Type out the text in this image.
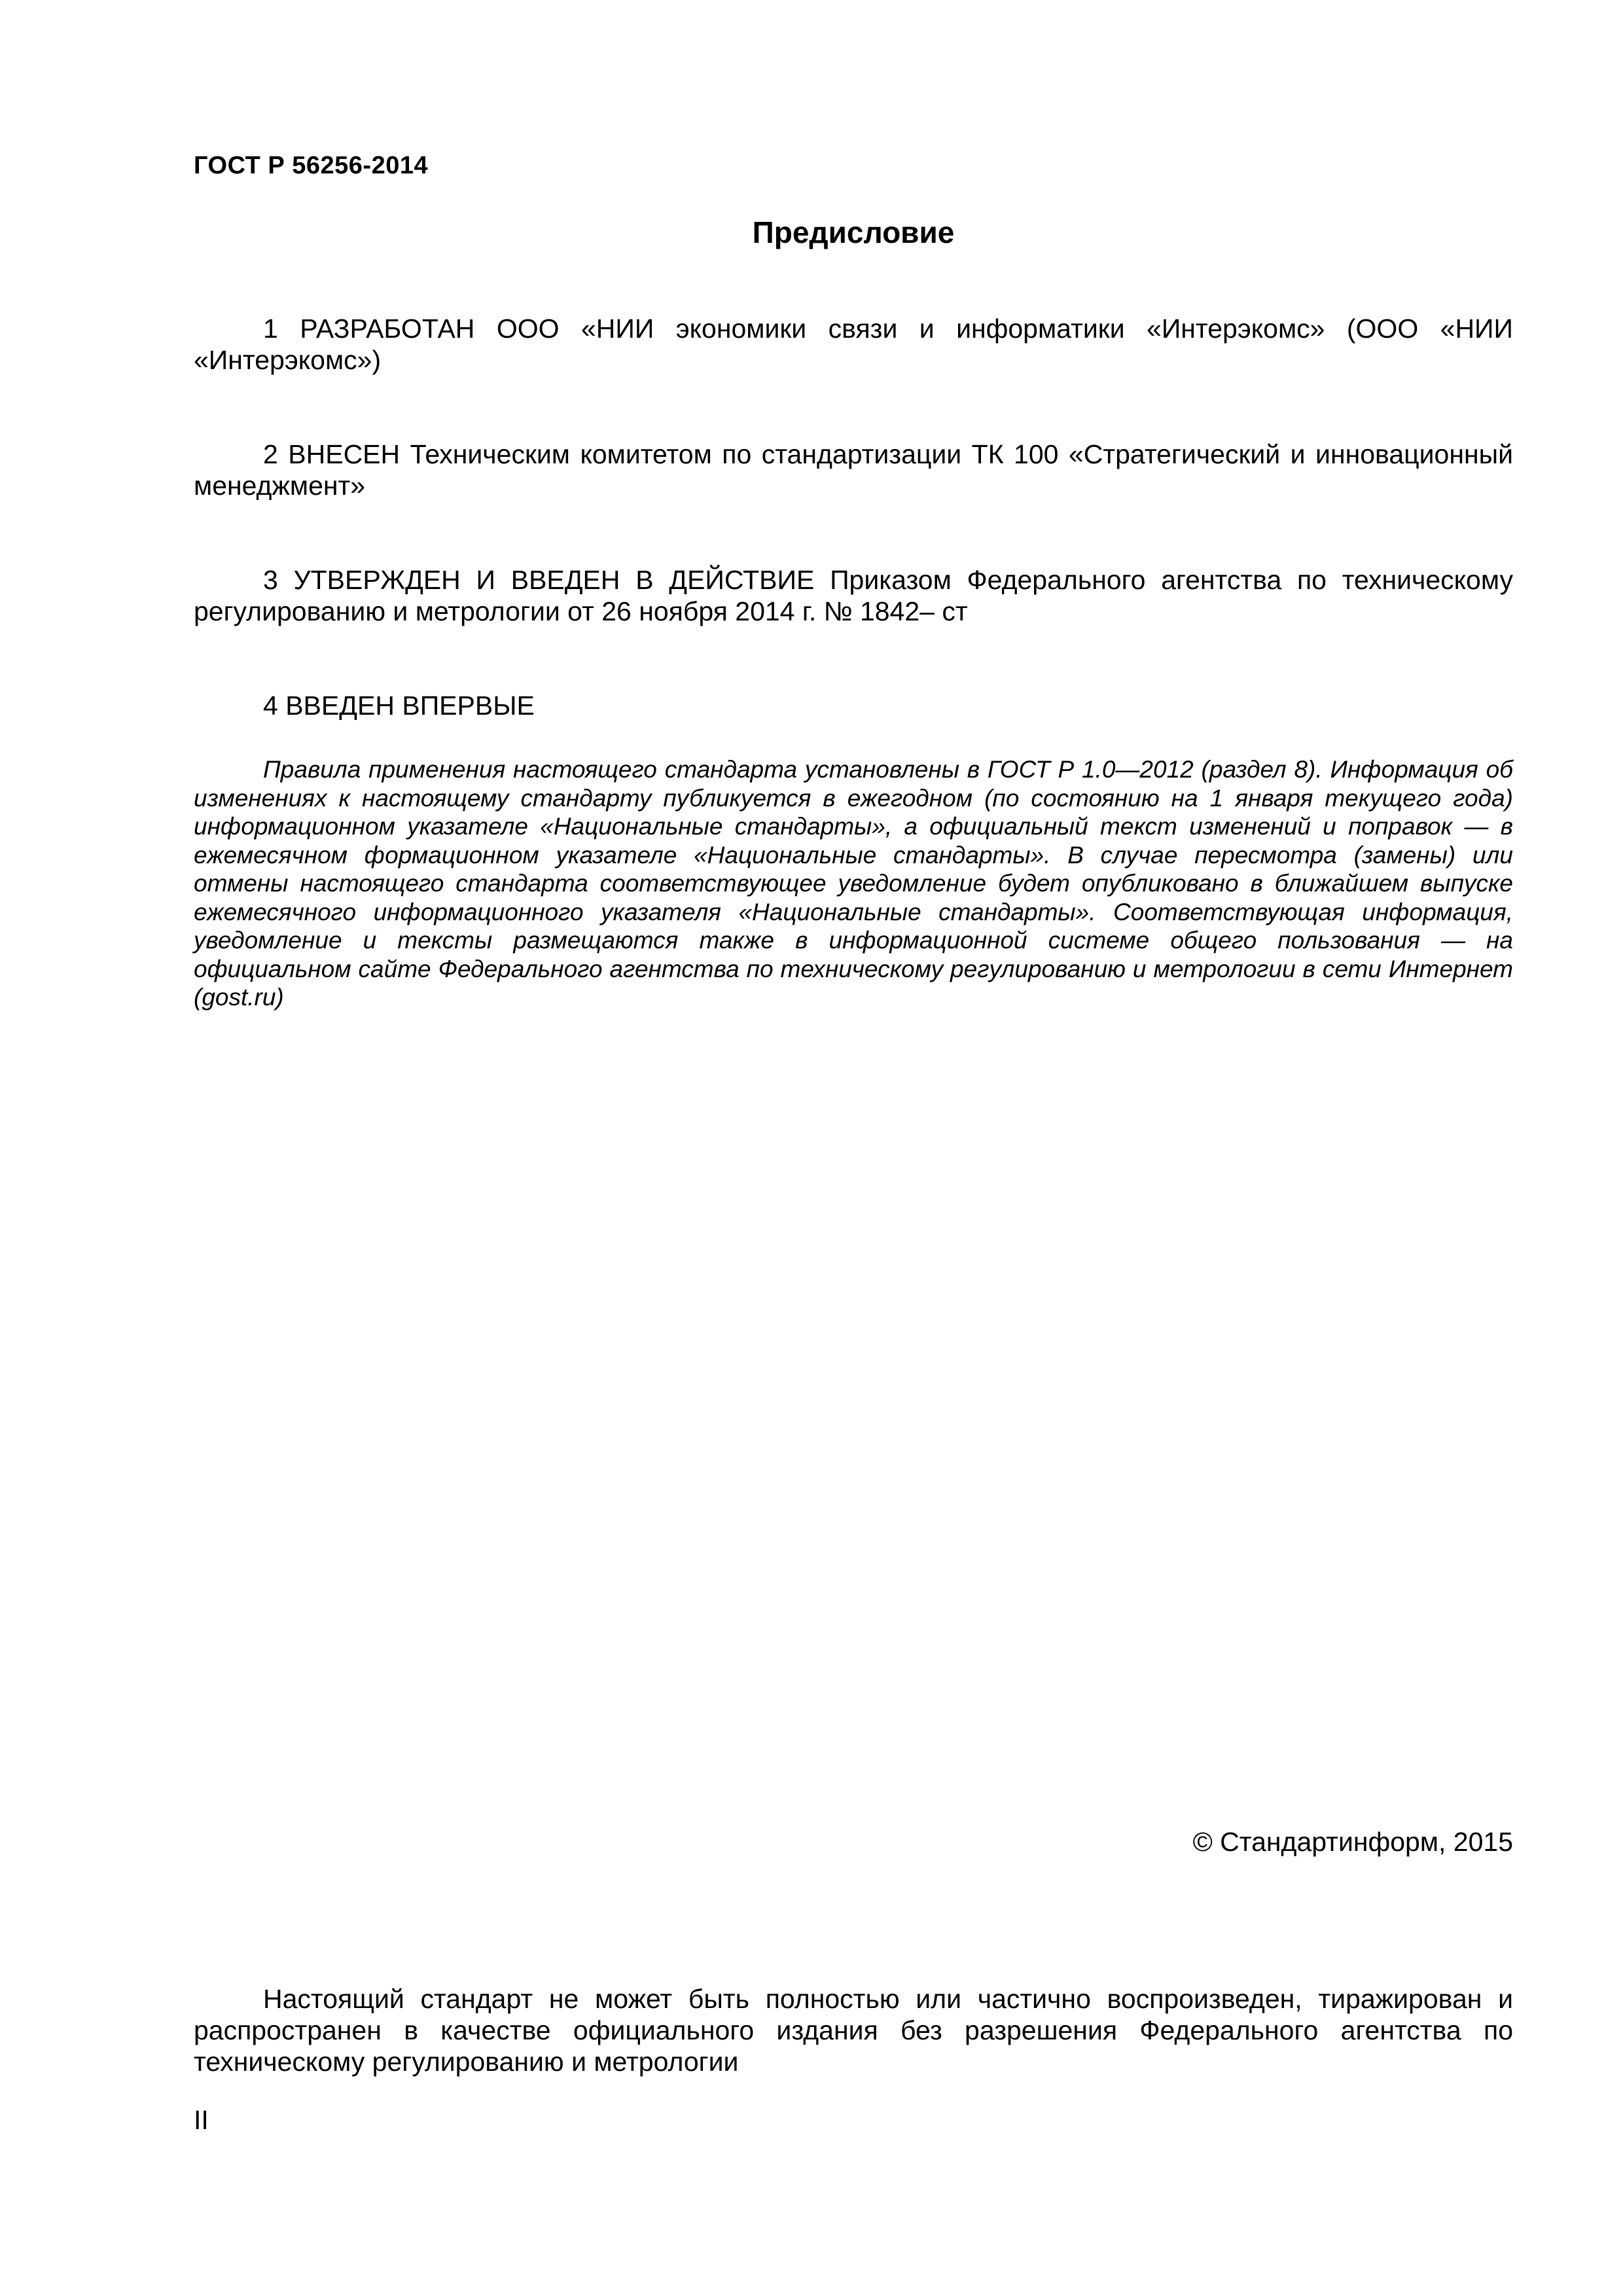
ГОСТ Р 56256-2014
Предисловие

1 РАЗРАБОТАН ООО «НИИ экономики связи и информатики «Интерэкомс» (ООО «НИИ «Интерэкомс»)

2 ВНЕСЕН Техническим комитетом по стандартизации ТК 100 «Стратегический и инновационный менеджмент»

3 УТВЕРЖДЕН И ВВЕДЕН В ДЕЙСТВИЕ Приказом Федерального агентства по техническому регулированию и метрологии от 26 ноября 2014 г. № 1842– ст

4 ВВЕДЕН ВПЕРВЫЕ

Правила применения настоящего стандарта установлены в ГОСТ Р 1.0—2012 (раздел 8). Информация об изменениях к настоящему стандарту публикуется в ежегодном (по состоянию на 1 января текущего года) информационном указателе «Национальные стандарты», а официальный текст изменений и поправок — в ежемесячном формационном указателе «Национальные стандарты». В случае пересмотра (замены) или отмены настоящего стандарта соответствующее уведомление будет опубликовано в ближайшем выпуске ежемесячного информационного указателя «Национальные стандарты». Соответствующая информация, уведомление и тексты размещаются также в информационной системе общего пользования — на официальном сайте Федерального агентства по техническому регулированию и метрологии в сети Интернет (gost.ru)

© Стандартинформ, 2015

Настоящий стандарт не может быть полностью или частично воспроизведен, тиражирован и распространен в качестве официального издания без разрешения Федерального агентства по техническому регулированию и метрологии

II
